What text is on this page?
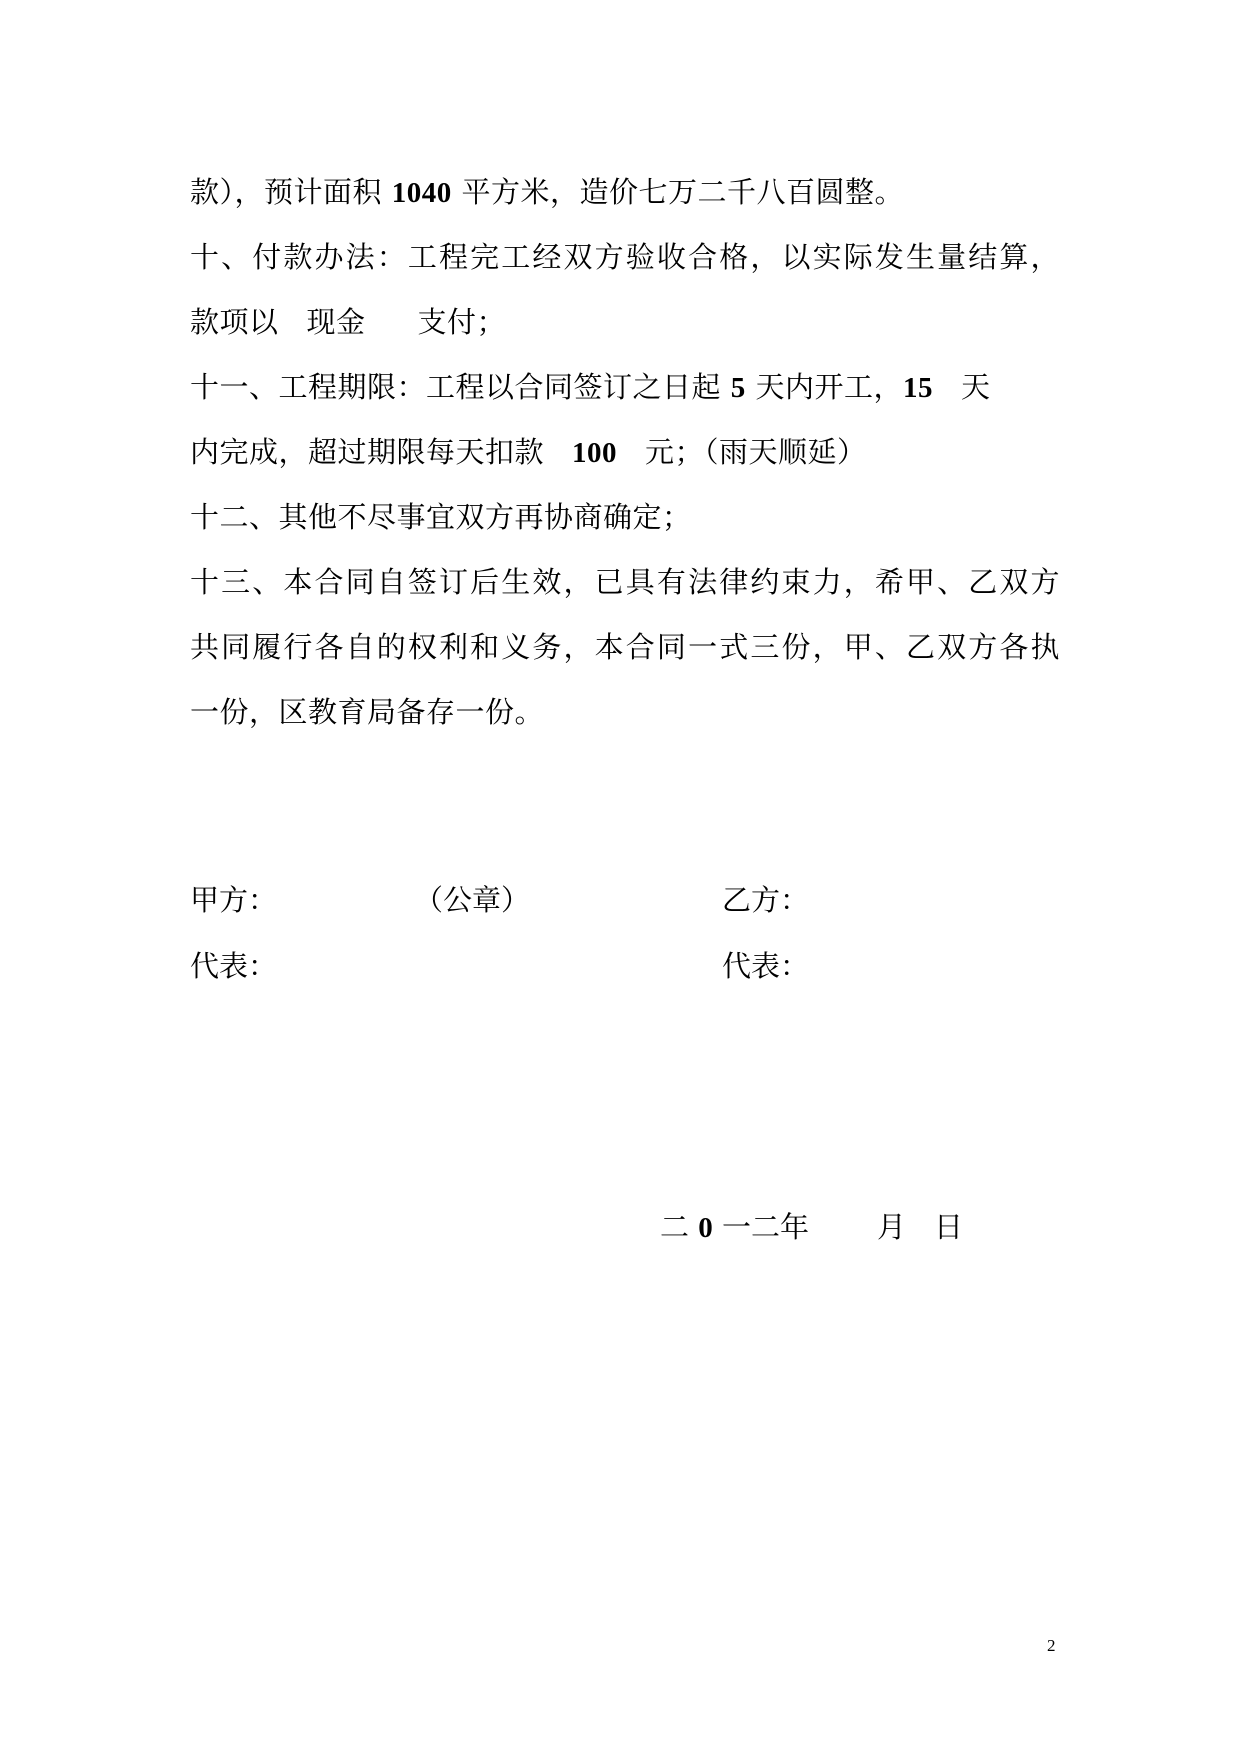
款），预计面积 1040 平方米，造价七万二千八百圆整。
十、付款办法：工程完工经双方验收合格，以实际发生量结算，
款项以 现金 支付；
十一、工程期限：工程以合同签订之日起 5 天内开工，15 天
内完成，超过期限每天扣款 100 元；（雨天顺延）
十二、其他不尽事宜双方再协商确定；
十三、本合同自签订后生效，已具有法律约束力，希甲、乙双方
共同履行各自的权利和义务，本合同一式三份，甲、乙双方各执
一份，区教育局备存一份。
甲方：	（公章）	乙方：
代表：	代表：
二 0 一二年 月 日
2
